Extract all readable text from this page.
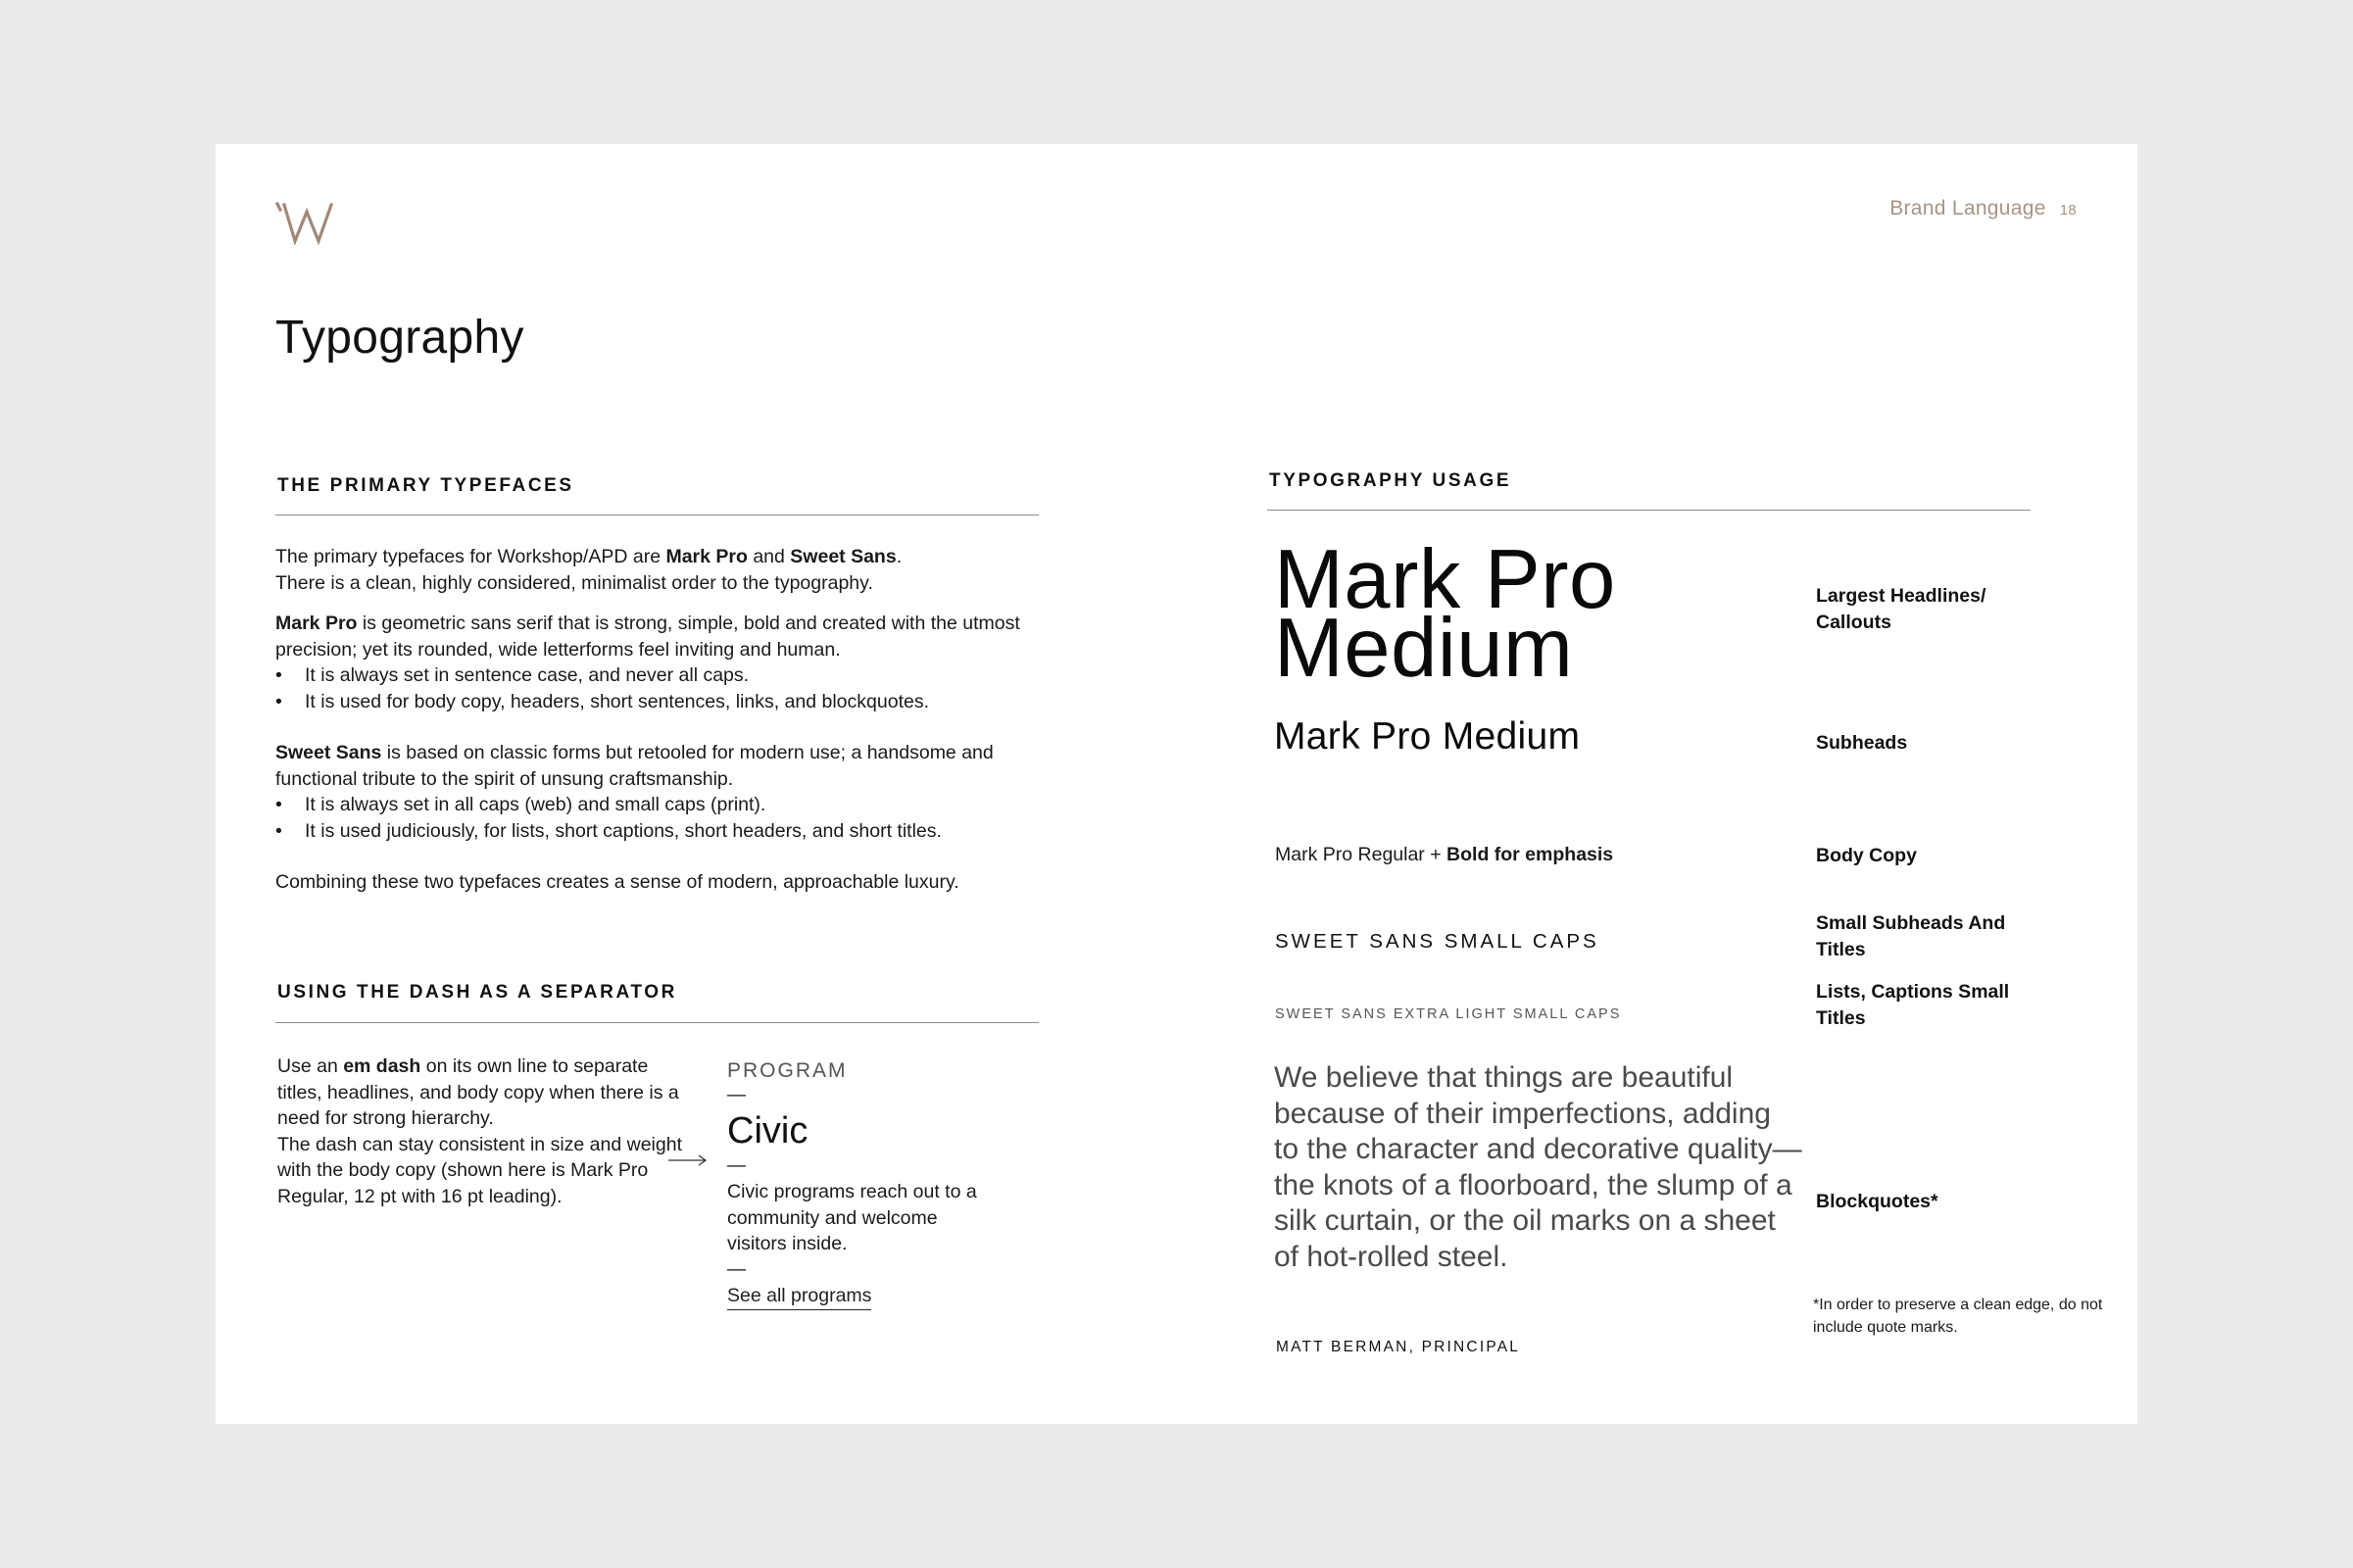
Brand Language 18
Typography
THE PRIMARY TYPEFACES

The primary typefaces for Workshop/APD are Mark Pro and Sweet Sans.

There is a clean, highly considered, minimalist order to the typography.

Mark Pro is geometric sans serif that is strong, simple, bold and created with the utmost precision; yet its rounded, wide letterforms feel inviting and human.

• It is always set in sentence case, and never all caps.
• It is used for body copy, headers, short sentences, links, and blockquotes.

Sweet Sans is based on classic forms but retooled for modern use; a handsome and functional tribute to the spirit of unsung craftsmanship.

• It is always set in all caps (web) and small caps (print).
• It is used judiciously, for lists, short captions, short headers, and short titles.

Combining these two typefaces creates a sense of modern, approachable luxury.

USING THE DASH AS A SEPARATOR
Use an em dash on its own line to separate titles, headlines, and body copy when there is a need for strong hierarchy.
The dash can stay consistent in size and weight with the body copy (shown here is Mark Pro Regular, 12 pt with 16 pt leading).
PROGRAM
—
Civic
—
Civic programs reach out to a community and welcome visitors inside.
—
See all programs
TYPOGRAPHY USAGE
Mark Pro
Medium
Mark Pro Medium
Mark Pro Regular + Bold for emphasis
SWEET SANS SMALL CAPS
SWEET SANS EXTRA LIGHT SMALL CAPS
We believe that things are beautiful because of their imperfections, adding to the character and decorative quality—the knots of a floorboard, the slump of a silk curtain, or the oil marks on a sheet of hot-rolled steel.
MATT BERMAN, PRINCIPAL
Largest Headlines/ Callouts
Subheads
Body Copy
Small Subheads And Titles
Lists, Captions Small Titles
Blockquotes*
*In order to preserve a clean edge, do not include quote marks.
